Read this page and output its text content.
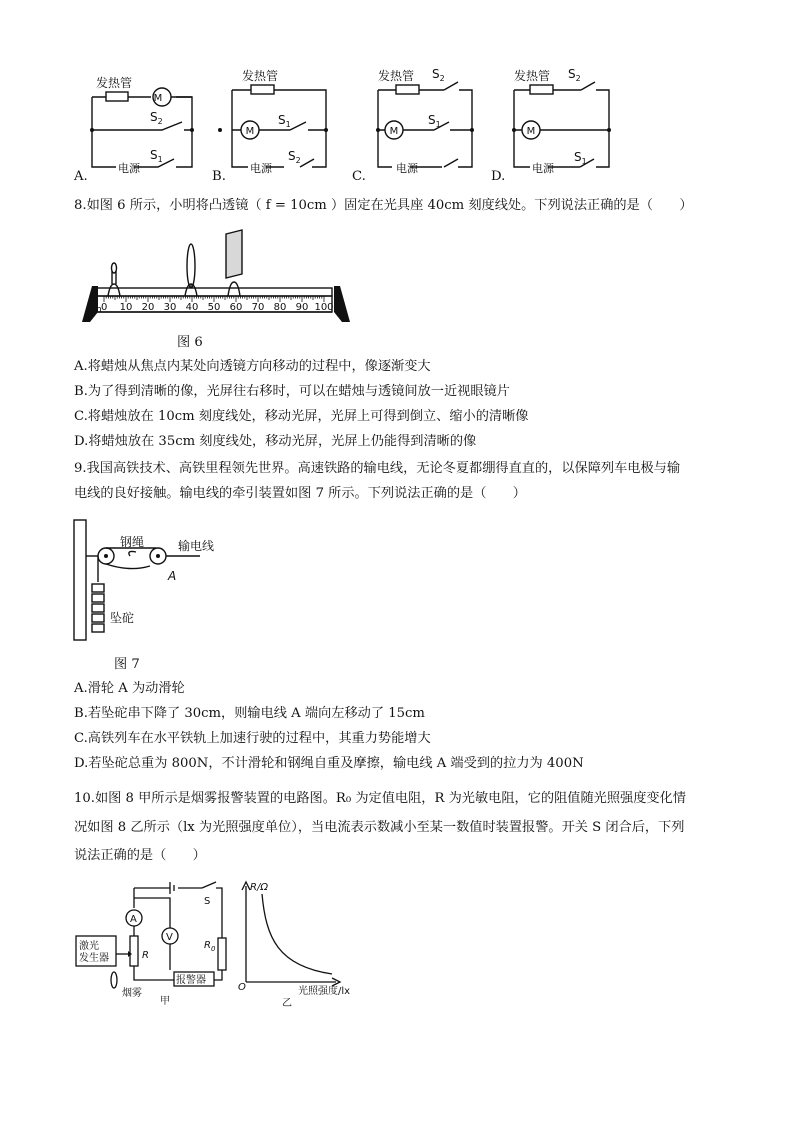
发热管
M
$S_2$
电源
$S_1$
发热管
M
$S_1$
电源
$S_2$
发热管 $S_2$
M
$S_1$
电源
发热管 $S_2$
M
电源
$S_1$
A.	B.	C.	D.
8.如图 6 所示，小明将凸透镜（ f = 10cm ）固定在光具座 40cm 刻度线处。下列说法正确的是（　　）
10 20 30 40 50 60 70 80 90 100
0
cm
图 6
A.将蜡烛从焦点内某处向透镜方向移动的过程中，像逐渐变大
B.为了得到清晰的像，光屏往右移时，可以在蜡烛与透镜间放一近视眼镜片
C.将蜡烛放在 10cm 刻度线处，移动光屏，光屏上可得到倒立、缩小的清晰像
D.将蜡烛放在 35cm 刻度线处，移动光屏，光屏上仍能得到清晰的像
9.我国高铁技术、高铁里程领先世界。高速铁路的输电线，无论冬夏都绷得直直的，以保障列车电极与输
电线的良好接触。输电线的牵引装置如图 7 所示。下列说法正确的是（　　）
钢绳	输电线
A
坠砣
图 7
A.滑轮 A 为动滑轮
B.若坠砣串下降了 30cm，则输电线 A 端向左移动了 15cm
C.高铁列车在水平铁轨上加速行驶的过程中，其重力势能增大
D.若坠砣总重为 800N，不计滑轮和钢绳自重及摩擦，输电线 A 端受到的拉力为 400N
10.如图 8 甲所示是烟雾报警装置的电路图。R₀ 为定值电阻，R 为光敏电阻，它的阻值随光照强度变化情
况如图 8 乙所示（lx 为光照强度单位），当电流表示数减小至某一数值时装置报警。开关 S 闭合后，下列
说法正确的是（　　）
A
V
R
$R_0$
S
激光
发生器
报警器
烟雾
甲
R/Ω
O	光照强度/lx
乙
